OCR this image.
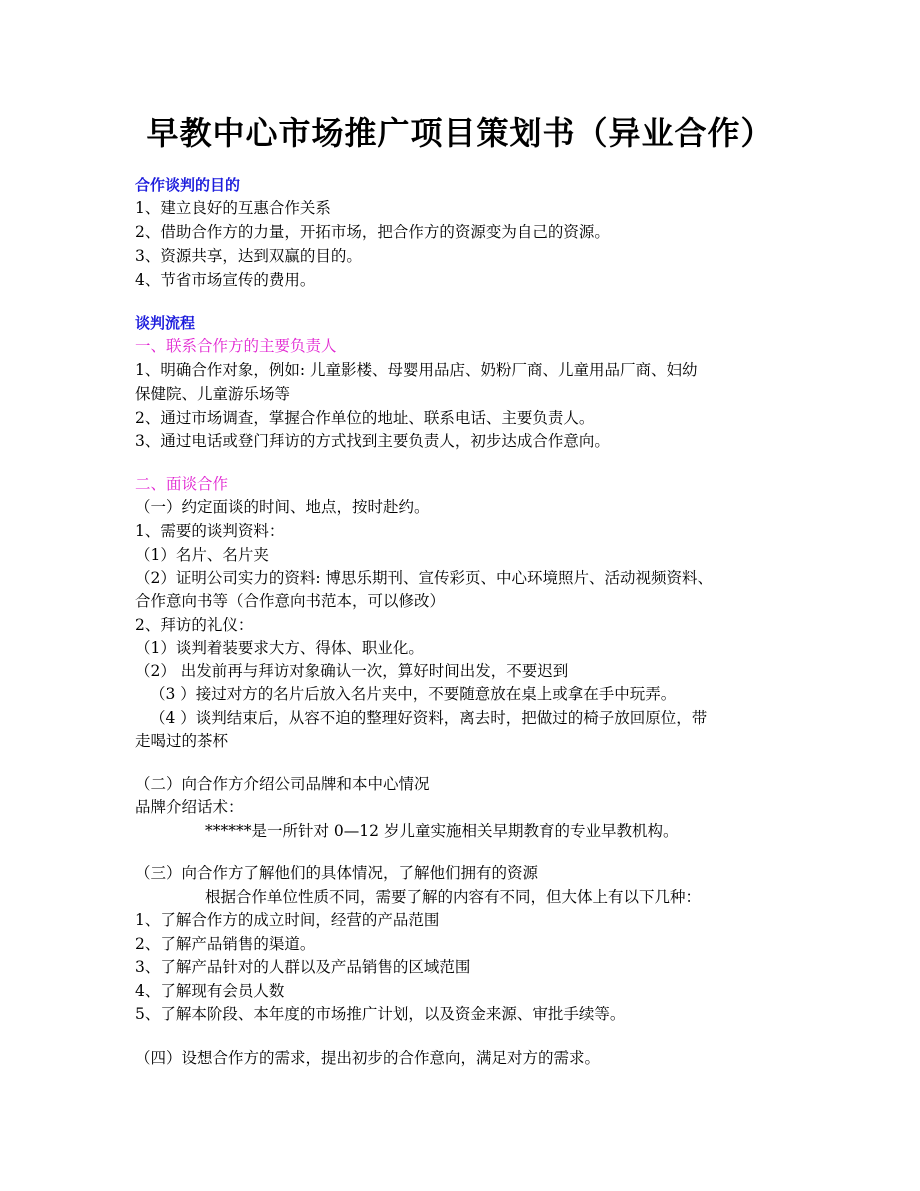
早教中心市场推广项目策划书（异业合作）
合作谈判的目的
1、建立良好的互惠合作关系
2、借助合作方的力量，开拓市场，把合作方的资源变为自己的资源。
3、资源共享，达到双赢的目的。
4、节省市场宣传的费用。
谈判流程
一、联系合作方的主要负责人
1、明确合作对象，例如: 儿童影楼、母婴用品店、奶粉厂商、儿童用品厂商、妇幼
保健院、儿童游乐场等
2、通过市场调查，掌握合作单位的地址、联系电话、主要负责人。
3、通过电话或登门拜访的方式找到主要负责人，初步达成合作意向。
二、面谈合作
（一）约定面谈的时间、地点，按时赴约。
1、需要的谈判资料：
（1）名片、名片夹
（2）证明公司实力的资料: 博思乐期刊、宣传彩页、中心环境照片、活动视频资料、
合作意向书等（合作意向书范本，可以修改）
2、拜访的礼仪：
（1）谈判着装要求大方、得体、职业化。
（2） 出发前再与拜访对象确认一次，算好时间出发，不要迟到
（3 ）接过对方的名片后放入名片夹中，不要随意放在桌上或拿在手中玩弄。
（4 ）谈判结束后，从容不迫的整理好资料，离去时，把做过的椅子放回原位，带
走喝过的茶杯
（二）向合作方介绍公司品牌和本中心情况
品牌介绍话术：
******是一所针对 0—12 岁儿童实施相关早期教育的专业早教机构。
（三）向合作方了解他们的具体情况，了解他们拥有的资源
根据合作单位性质不同，需要了解的内容有不同，但大体上有以下几种：
1、了解合作方的成立时间，经营的产品范围
2、了解产品销售的渠道。
3、了解产品针对的人群以及产品销售的区域范围
4、了解现有会员人数
5、了解本阶段、本年度的市场推广计划，以及资金来源、审批手续等。
（四）设想合作方的需求，提出初步的合作意向，满足对方的需求。
